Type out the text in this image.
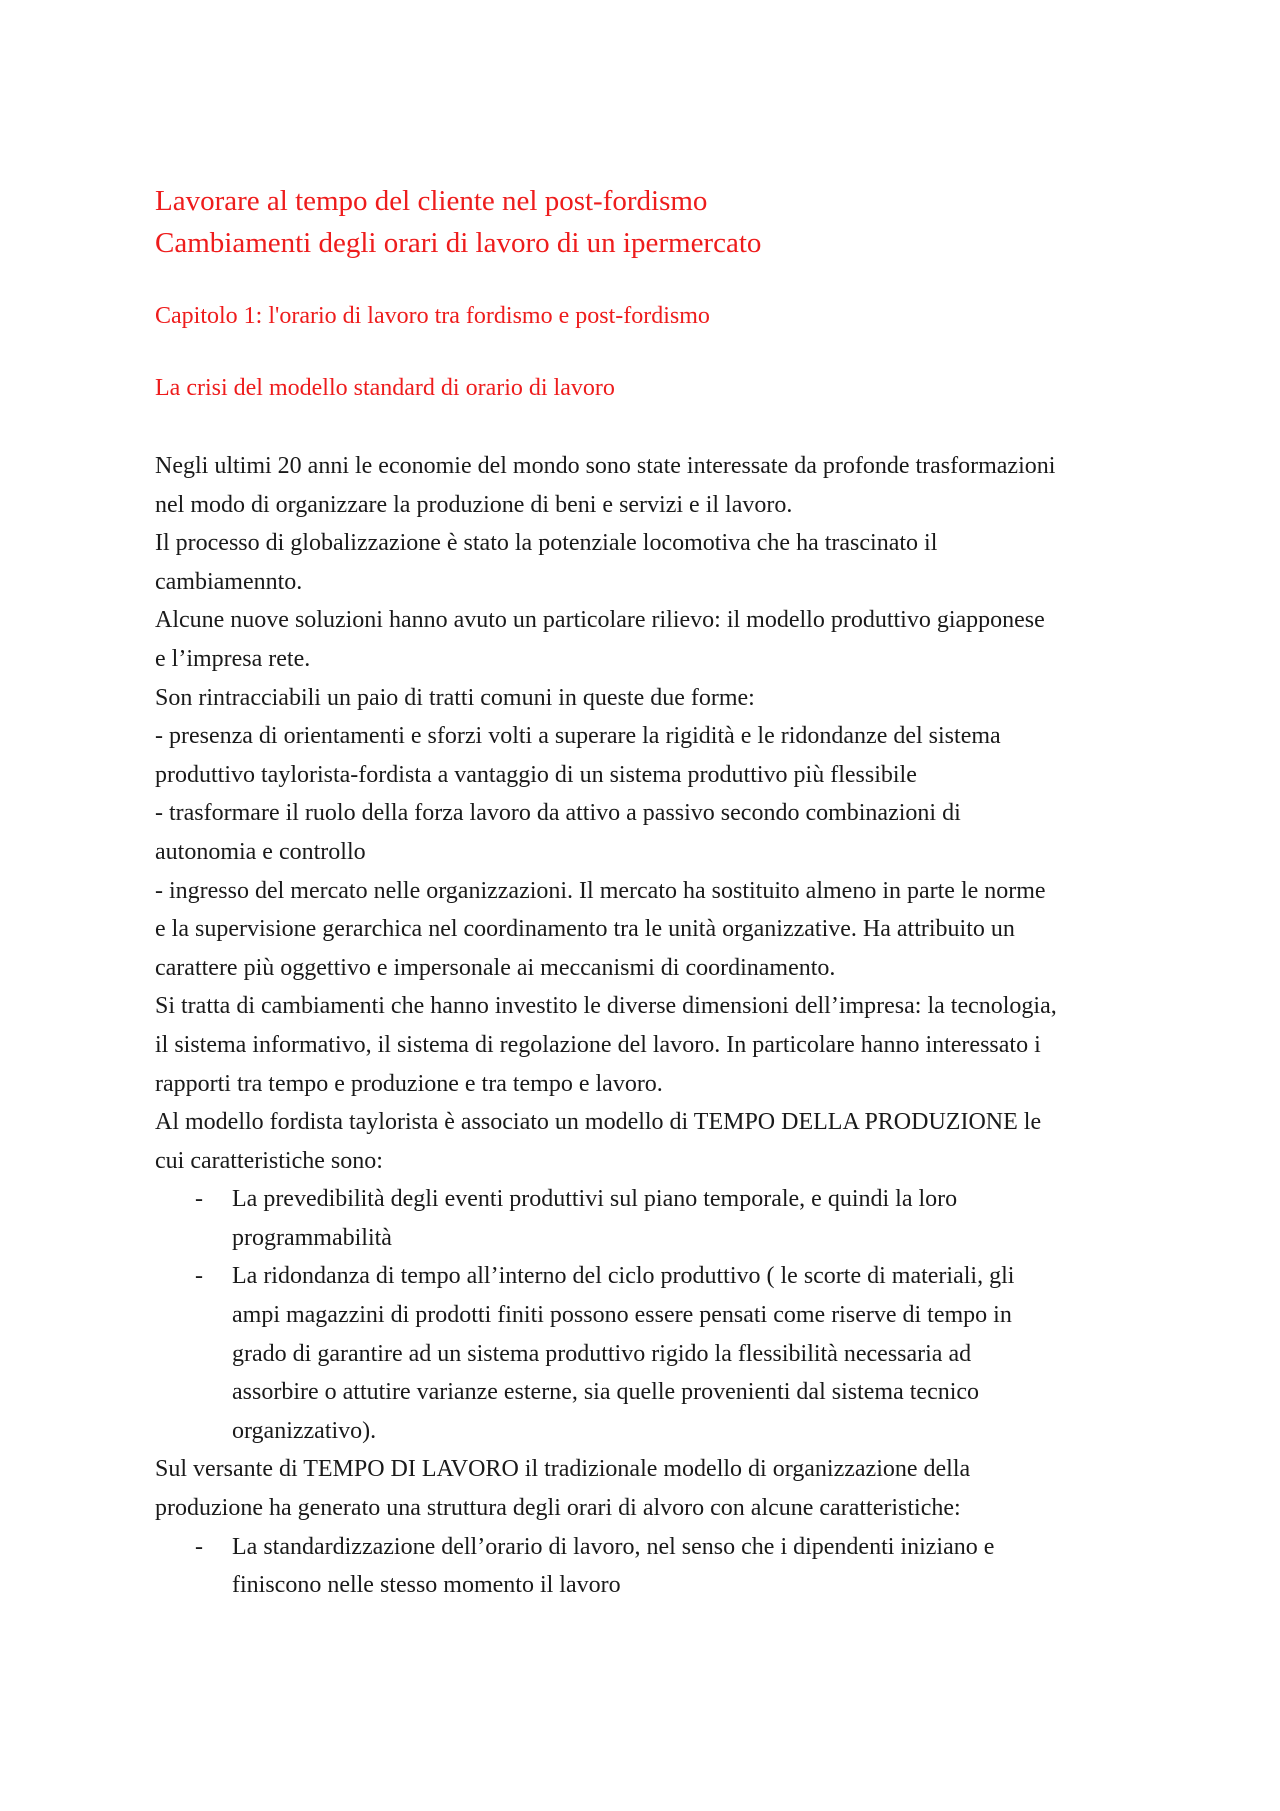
Lavorare al tempo del cliente nel post-fordismo
Cambiamenti degli orari di lavoro di un ipermercato
Capitolo 1: l'orario di lavoro tra fordismo e post-fordismo
La crisi del modello standard di orario di lavoro
Negli ultimi 20 anni le economie del mondo sono state interessate da profonde trasformazioni
nel modo di organizzare la produzione di beni e servizi e il lavoro.
Il processo di globalizzazione è stato la potenziale locomotiva che ha trascinato il
cambiamennto.
Alcune nuove soluzioni hanno avuto un particolare rilievo: il modello produttivo giapponese
e l’impresa rete.
Son rintracciabili un paio di tratti comuni in queste due forme:
- presenza di orientamenti e sforzi volti a superare la rigidità e le ridondanze del sistema
produttivo taylorista-fordista a vantaggio di un sistema produttivo più flessibile
- trasformare il ruolo della forza lavoro da attivo a passivo secondo combinazioni di
autonomia e controllo
- ingresso del mercato nelle organizzazioni. Il mercato ha sostituito almeno in parte le norme
e la supervisione gerarchica nel coordinamento tra le unità organizzative. Ha attribuito un
carattere più oggettivo e impersonale ai meccanismi di coordinamento.
Si tratta di cambiamenti che hanno investito le diverse dimensioni dell’impresa: la tecnologia,
il sistema informativo, il sistema di regolazione del lavoro. In particolare hanno interessato i
rapporti tra tempo e produzione e tra tempo e lavoro.
Al modello fordista taylorista è associato un modello di TEMPO DELLA PRODUZIONE le
cui caratteristiche sono:
- La prevedibilità degli eventi produttivi sul piano temporale, e quindi la loro
programmabilità
- La ridondanza di tempo all’interno del ciclo produttivo ( le scorte di materiali, gli
ampi magazzini di prodotti finiti possono essere pensati come riserve di tempo in
grado di garantire ad un sistema produttivo rigido la flessibilità necessaria ad
assorbire o attutire varianze esterne, sia quelle provenienti dal sistema tecnico
organizzativo).
Sul versante di TEMPO DI LAVORO il tradizionale modello di organizzazione della
produzione ha generato una struttura degli orari di alvoro con alcune caratteristiche:
- La standardizzazione dell’orario di lavoro, nel senso che i dipendenti iniziano e
finiscono nelle stesso momento il lavoro
